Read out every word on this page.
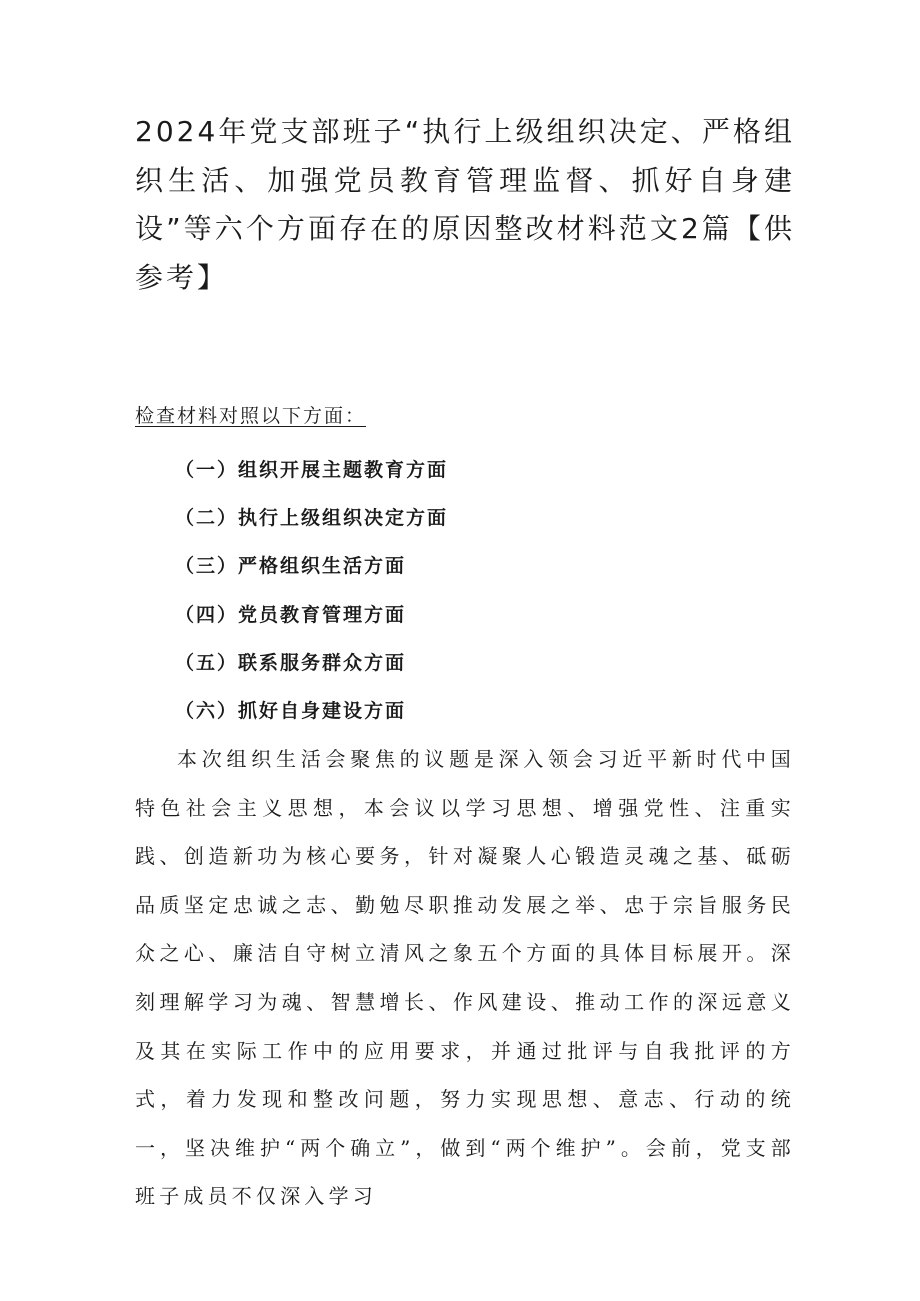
2024年党支部班子“执行上级组织决定、严格组织生活、加强党员教育管理监督、抓好自身建设”等六个方面存在的原因整改材料范文2篇【供参考】

检查材料对照以下方面：

（一）组织开展主题教育方面
（二）执行上级组织决定方面
（三）严格组织生活方面
（四）党员教育管理方面
（五）联系服务群众方面
（六）抓好自身建设方面

本次组织生活会聚焦的议题是深入领会习近平新时代中国特色社会主义思想，本会议以学习思想、增强党性、注重实践、创造新功为核心要务，针对凝聚人心锻造灵魂之基、砥砺品质坚定忠诚之志、勤勉尽职推动发展之举、忠于宗旨服务民众之心、廉洁自守树立清风之象五个方面的具体目标展开。深刻理解学习为魂、智慧增长、作风建设、推动工作的深远意义及其在实际工作中的应用要求，并通过批评与自我批评的方式，着力发现和整改问题，努力实现思想、意志、行动的统一，坚决维护“两个确立”，做到“两个维护”。会前，党支部班子成员不仅深入学习
